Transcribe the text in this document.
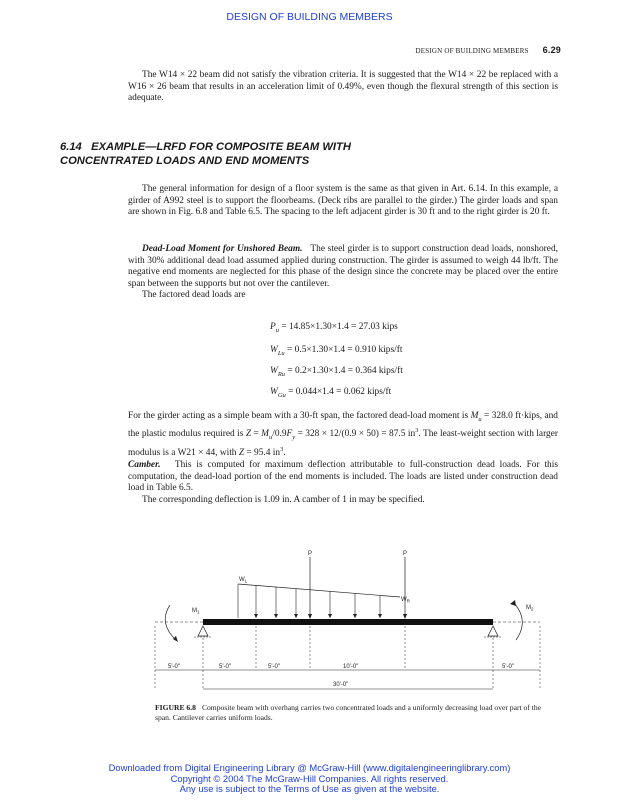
DESIGN OF BUILDING MEMBERS
DESIGN OF BUILDING MEMBERS 6.29

The W14 × 22 beam did not satisfy the vibration criteria. It is suggested that the W14 × 22 be replaced with a W16 × 26 beam that results in an acceleration limit of 0.49%, even though the flexural strength of this section is adequate.

6.14 EXAMPLE—LRFD FOR COMPOSITE BEAM WITH
CONCENTRATED LOADS AND END MOMENTS

The general information for design of a floor system is the same as that given in Art. 6.14. In this example, a girder of A992 steel is to support the floorbeams. (Deck ribs are parallel to the girder.) The girder loads and span are shown in Fig. 6.8 and Table 6.5. The spacing to the left adjacent girder is 30 ft and to the right girder is 20 ft.

Dead-Load Moment for Unshored Beam. The steel girder is to support construction dead loads, nonshored, with 30% additional dead load assumed applied during construction. The girder is assumed to weigh 44 lb/ft. The negative end moments are neglected for this phase of the design since the concrete may be placed over the entire span between the supports but not over the cantilever.

The factored dead loads are

$P_u = 14.85\times 1.30\times 1.4 = 27.03$ kips
$W_{Lu} = 0.5\times 1.30\times 1.4 = 0.910$ kips/ft
$W_{Ru} = 0.2\times 1.30\times 1.4 = 0.364$ kips/ft
$W_{Gu} = 0.044\times 1.4 = 0.062$ kips/ft

For the girder acting as a simple beam with a 30-ft span, the factored dead-load moment is $M_u = 328.0$ ft·kips, and the plastic modulus required is $Z = M_u/0.9F_y = 328 \times 12/(0.9 \times 50) = 87.5$ $in^3$. The least-weight section with larger modulus is a W21 × 44, with Z = 95.4 $in^3$.

Camber. This is computed for maximum deflection attributable to full-construction dead loads. For this computation, the dead-load portion of the end moments is included. The loads are listed under construction dead load in Table 6.5.

The corresponding deflection is 1.09 in. A camber of 1 in may be specified.

P	P
$W_L$
$W_R$
$M_1$
$M_2$
5'-0"	5'-0"	5'-0"	10'-0"	5'-0"
30'-0"
FIGURE 6.8 Composite beam with overhang carries two concentrated loads and a uniformly decreasing load over part of the span. Cantilever carries uniform loads.
Downloaded from Digital Engineering Library @ McGraw-Hill (www.digitalengineeringlibrary.com)
Copyright © 2004 The McGraw-Hill Companies. All rights reserved.
Any use is subject to the Terms of Use as given at the website.
